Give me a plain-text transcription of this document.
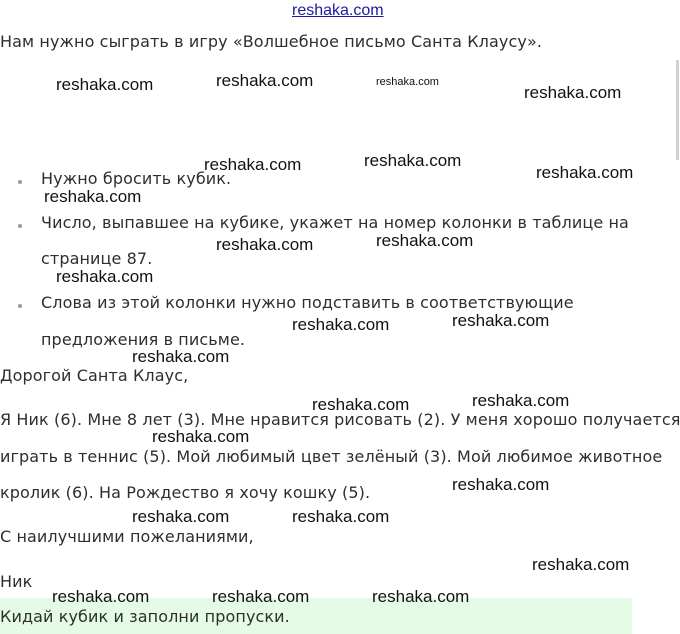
reshaka.com
Нам нужно сыграть в игру «Волшебное письмо Санта Клаусу».
Нужно бросить кубик.
Число, выпавшее на кубике, укажет на номер колонки в таблице на
странице 87.
Слова из этой колонки нужно подставить в соответствующие
предложения в письме.
Дорогой Санта Клаус,
Я Ник (6). Мне 8 лет (3). Мне нравится рисовать (2). У меня хорошо получается
играть в теннис (5). Мой любимый цвет зелёный (3). Мой любимое животное
кролик (6). На Рождество я хочу кошку (5).
С наилучшими пожеланиями,
Ник
Кидай кубик и заполни пропуски.
reshaka.com	reshaka.com	reshaka.com
reshaka.com
reshaka.com	reshaka.com
reshaka.com
reshaka.com
reshaka.com	reshaka.com
reshaka.com
reshaka.com	reshaka.com
reshaka.com
reshaka.com	reshaka.com
reshaka.com
reshaka.com
reshaka.com	reshaka.com
reshaka.com
reshaka.com	reshaka.com	reshaka.com
